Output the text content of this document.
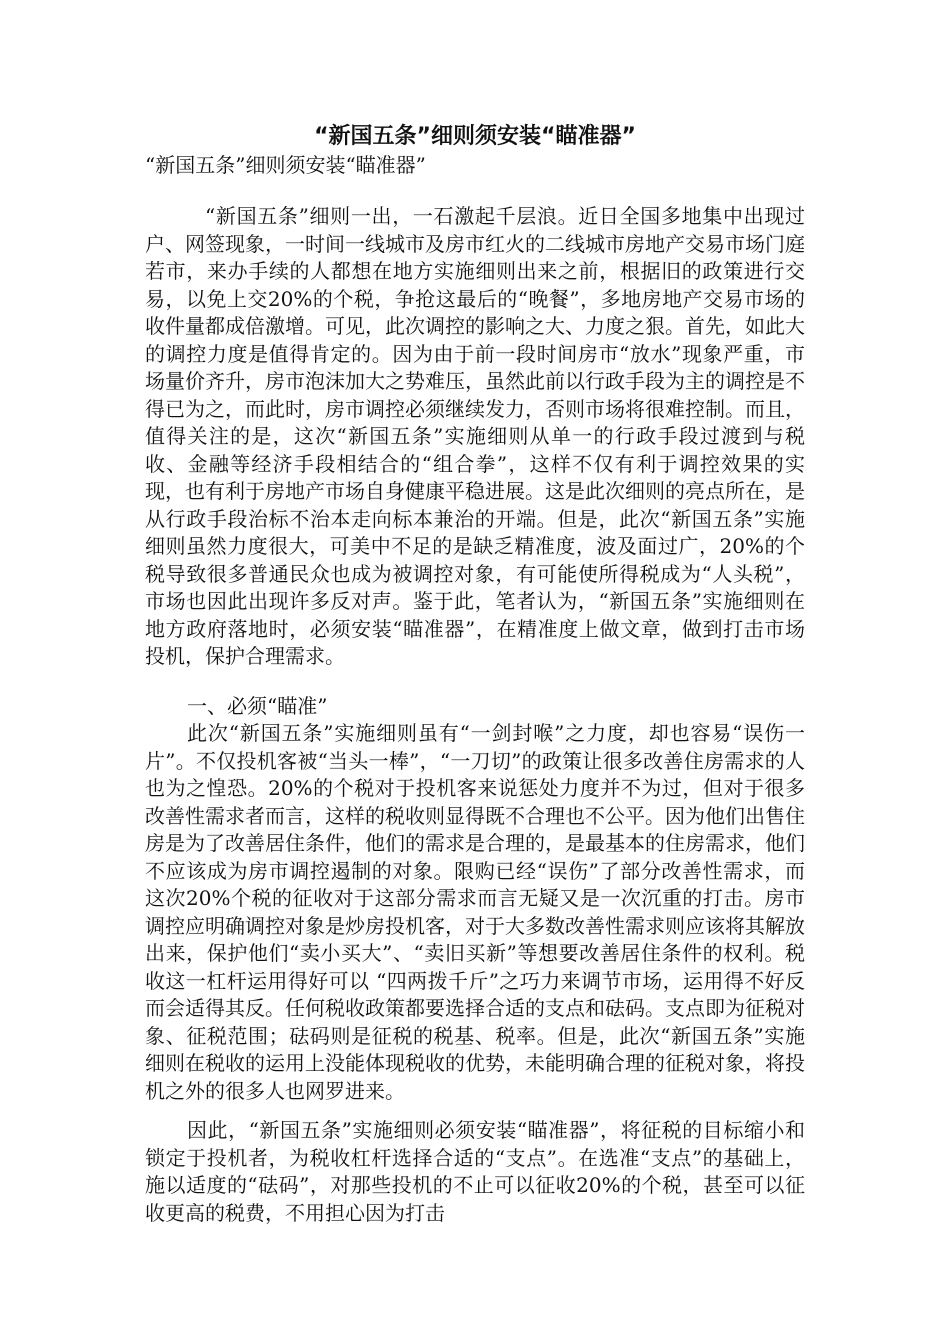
“新国五条”细则须安装“瞄准器”
“新国五条”细则须安装“瞄准器”

“新国五条”细则一出，一石激起千层浪。近日全国多地集中出现过户、网签现象，一时间一线城市及房市红火的二线城市房地产交易市场门庭若市，来办手续的人都想在地方实施细则出来之前，根据旧的政策进行交易，以免上交20%的个税，争抢这最后的“晚餐”，多地房地产交易市场的收件量都成倍激增。可见，此次调控的影响之大、力度之狠。首先，如此大的调控力度是值得肯定的。因为由于前一段时间房市“放水”现象严重，市场量价齐升，房市泡沫加大之势难压，虽然此前以行政手段为主的调控是不得已为之，而此时，房市调控必须继续发力，否则市场将很难控制。而且，值得关注的是，这次“新国五条”实施细则从单一的行政手段过渡到与税收、金融等经济手段相结合的“组合拳”，这样不仅有利于调控效果的实现，也有利于房地产市场自身健康平稳进展。这是此次细则的亮点所在，是从行政手段治标不治本走向标本兼治的开端。但是，此次“新国五条”实施细则虽然力度很大，可美中不足的是缺乏精准度，波及面过广，20%的个税导致很多普通民众也成为被调控对象，有可能使所得税成为“人头税”，市场也因此出现许多反对声。鉴于此，笔者认为，“新国五条”实施细则在地方政府落地时，必须安装“瞄准器”，在精准度上做文章，做到打击市场投机，保护合理需求。

一、必须“瞄准”

此次“新国五条”实施细则虽有“一剑封喉”之力度，却也容易“误伤一片”。不仅投机客被“当头一棒”，“一刀切”的政策让很多改善住房需求的人也为之惶恐。20%的个税对于投机客来说惩处力度并不为过，但对于很多改善性需求者而言，这样的税收则显得既不合理也不公平。因为他们出售住房是为了改善居住条件，他们的需求是合理的，是最基本的住房需求，他们不应该成为房市调控遏制的对象。限购已经“误伤”了部分改善性需求，而这次20%个税的征收对于这部分需求而言无疑又是一次沉重的打击。房市调控应明确调控对象是炒房投机客，对于大多数改善性需求则应该将其解放出来，保护他们“卖小买大”、“卖旧买新”等想要改善居住条件的权利。税收这一杠杆运用得好可以 “四两拨千斤”之巧力来调节市场，运用得不好反而会适得其反。任何税收政策都要选择合适的支点和砝码。支点即为征税对象、征税范围；砝码则是征税的税基、税率。但是，此次“新国五条”实施细则在税收的运用上没能体现税收的优势，未能明确合理的征税对象，将投机之外的很多人也网罗进来。

因此，“新国五条”实施细则必须安装“瞄准器”，将征税的目标缩小和锁定于投机者，为税收杠杆选择合适的“支点”。在选准“支点”的基础上，施以适度的“砝码”，对那些投机的不止可以征收20%的个税，甚至可以征收更高的税费，不用担心因为打击
